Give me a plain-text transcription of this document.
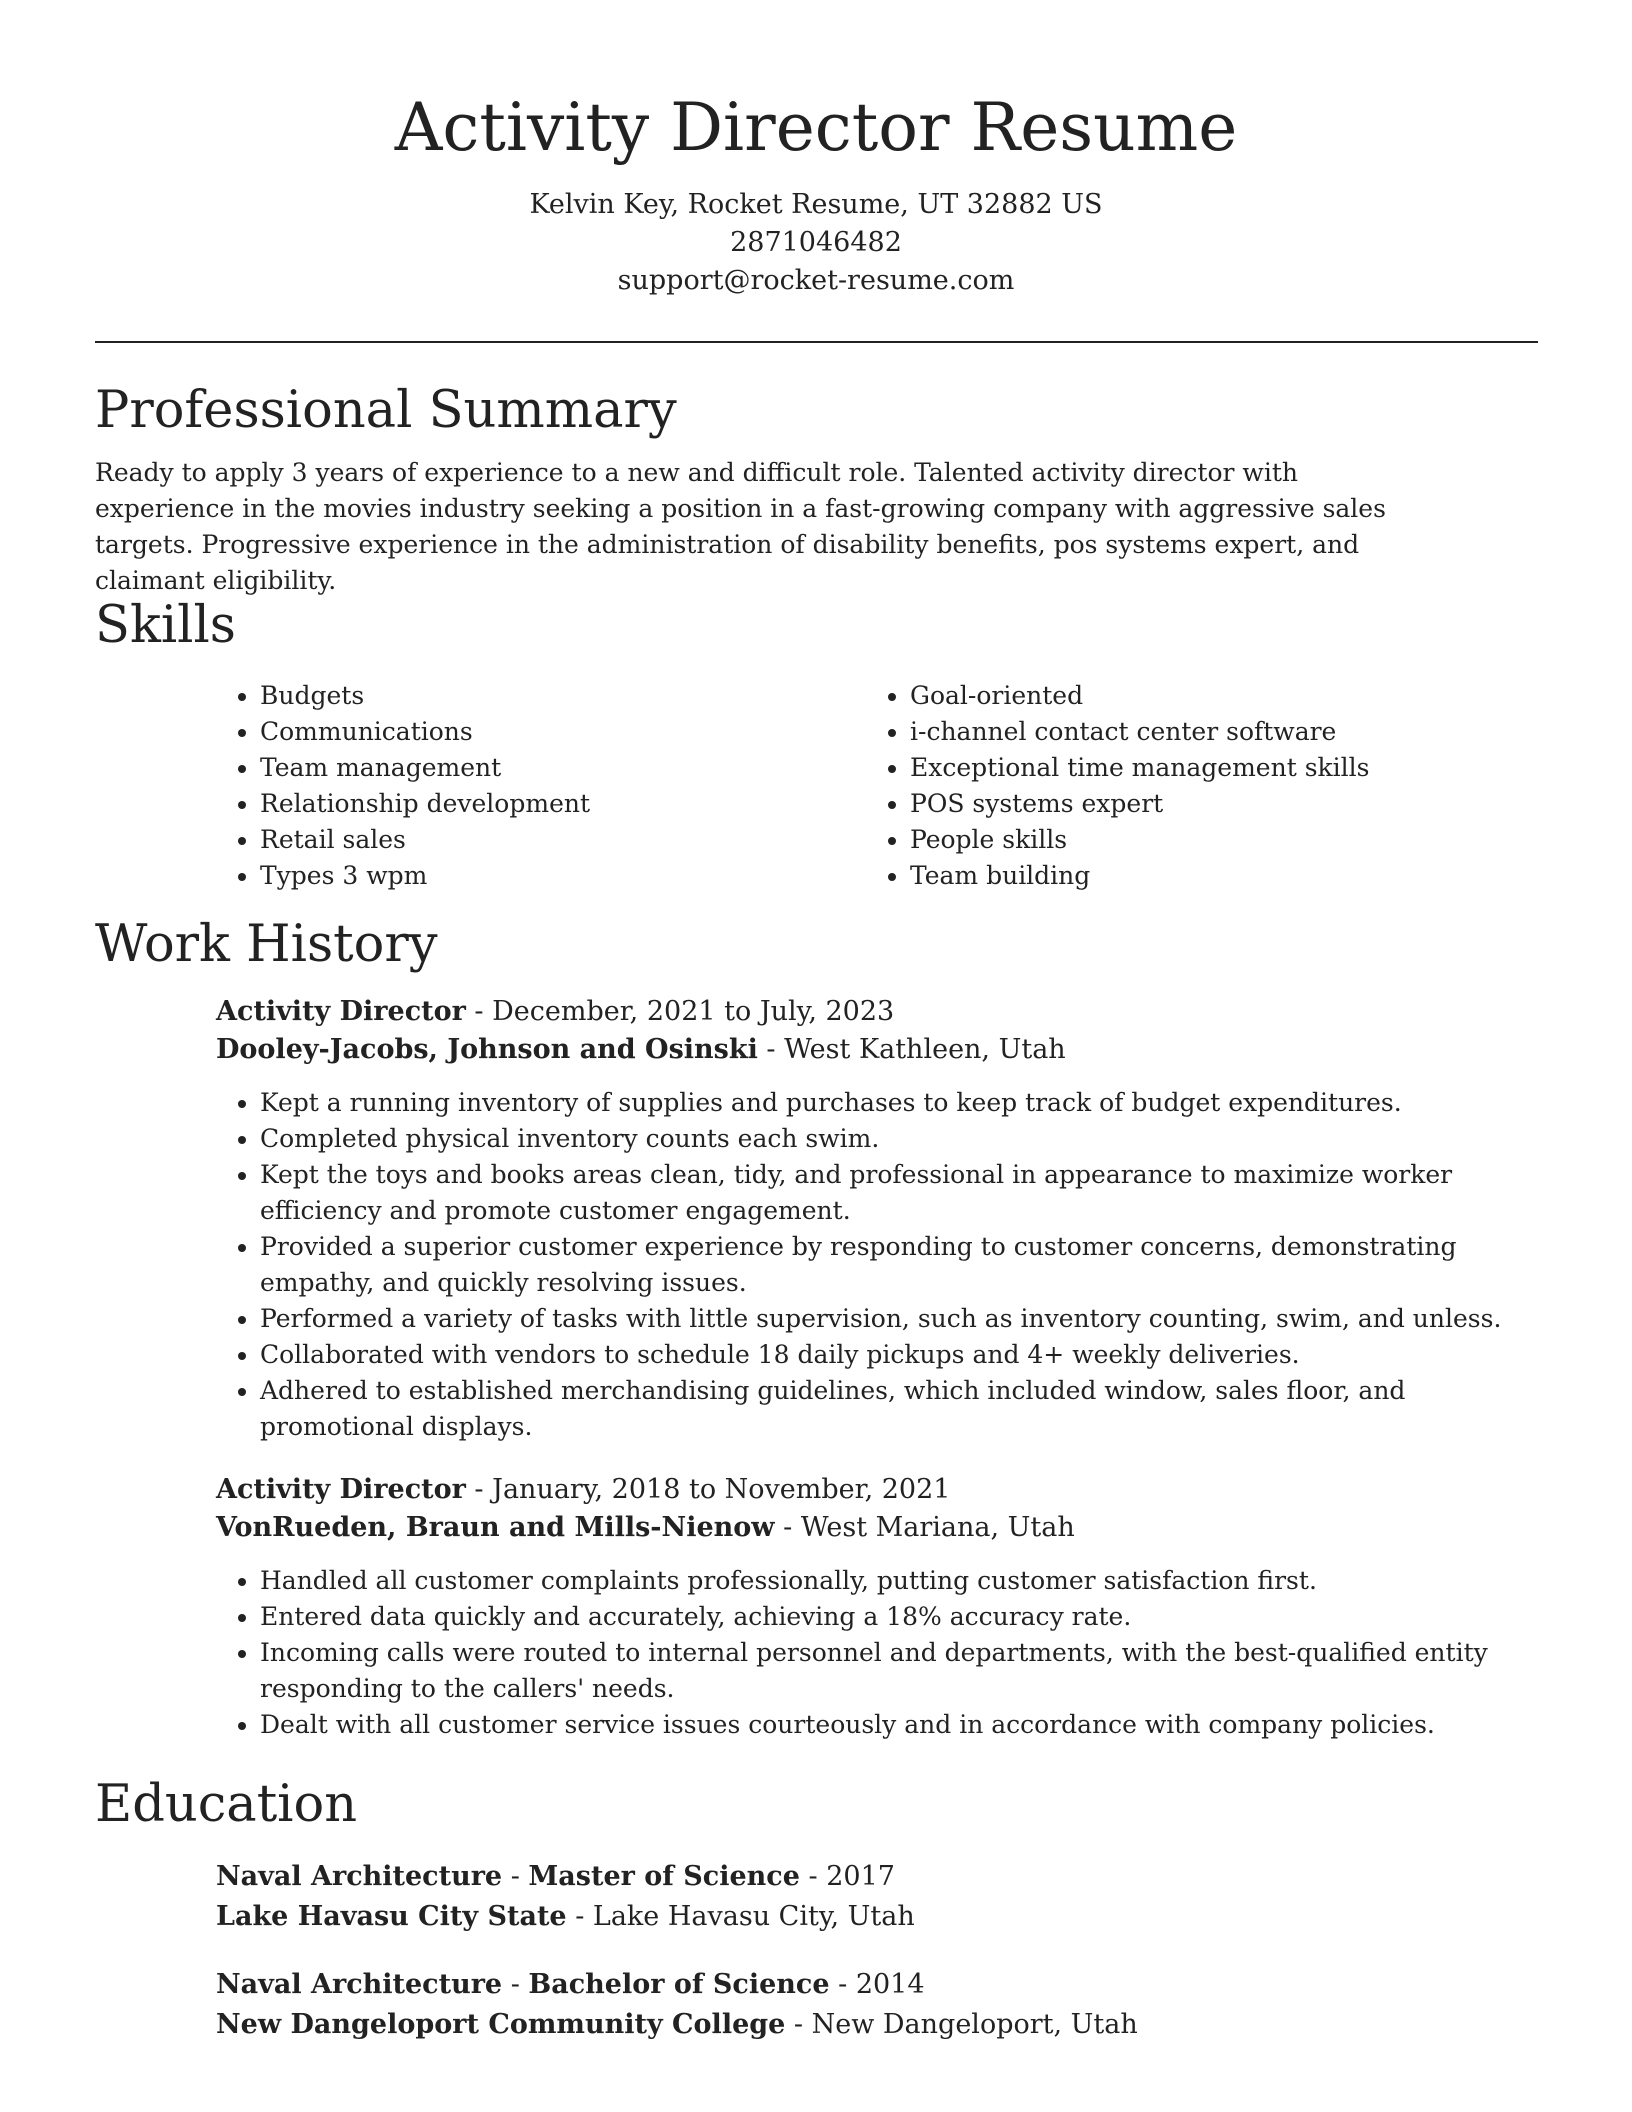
Activity Director Resume
Kelvin Key, Rocket Resume, UT 32882 US
2871046482
support@rocket-resume.com
Professional Summary

Ready to apply 3 years of experience to a new and difficult role. Talented activity director with experience in the movies industry seeking a position in a fast-growing company with aggressive sales targets. Progressive experience in the administration of disability benefits, pos systems expert, and claimant eligibility.

Skills
• Budgets
• Communications
• Team management
• Relationship development
• Retail sales
• Types 3 wpm
• Goal-oriented
• i-channel contact center software
• Exceptional time management skills
• POS systems expert
• People skills
• Team building
Work History
Activity Director - December, 2021 to July, 2023
Dooley-Jacobs, Johnson and Osinski - West Kathleen, Utah
• Kept a running inventory of supplies and purchases to keep track of budget expenditures.
• Completed physical inventory counts each swim.
• Kept the toys and books areas clean, tidy, and professional in appearance to maximize worker efficiency and promote customer engagement.
• Provided a superior customer experience by responding to customer concerns, demonstrating empathy, and quickly resolving issues.
• Performed a variety of tasks with little supervision, such as inventory counting, swim, and unless.
• Collaborated with vendors to schedule 18 daily pickups and 4+ weekly deliveries.
• Adhered to established merchandising guidelines, which included window, sales floor, and promotional displays.
Activity Director - January, 2018 to November, 2021
VonRueden, Braun and Mills-Nienow - West Mariana, Utah
• Handled all customer complaints professionally, putting customer satisfaction first.
• Entered data quickly and accurately, achieving a 18% accuracy rate.
• Incoming calls were routed to internal personnel and departments, with the best-qualified entity responding to the callers' needs.
• Dealt with all customer service issues courteously and in accordance with company policies.
Education
Naval Architecture - Master of Science - 2017
Lake Havasu City State - Lake Havasu City, Utah
Naval Architecture - Bachelor of Science - 2014
New Dangeloport Community College - New Dangeloport, Utah
